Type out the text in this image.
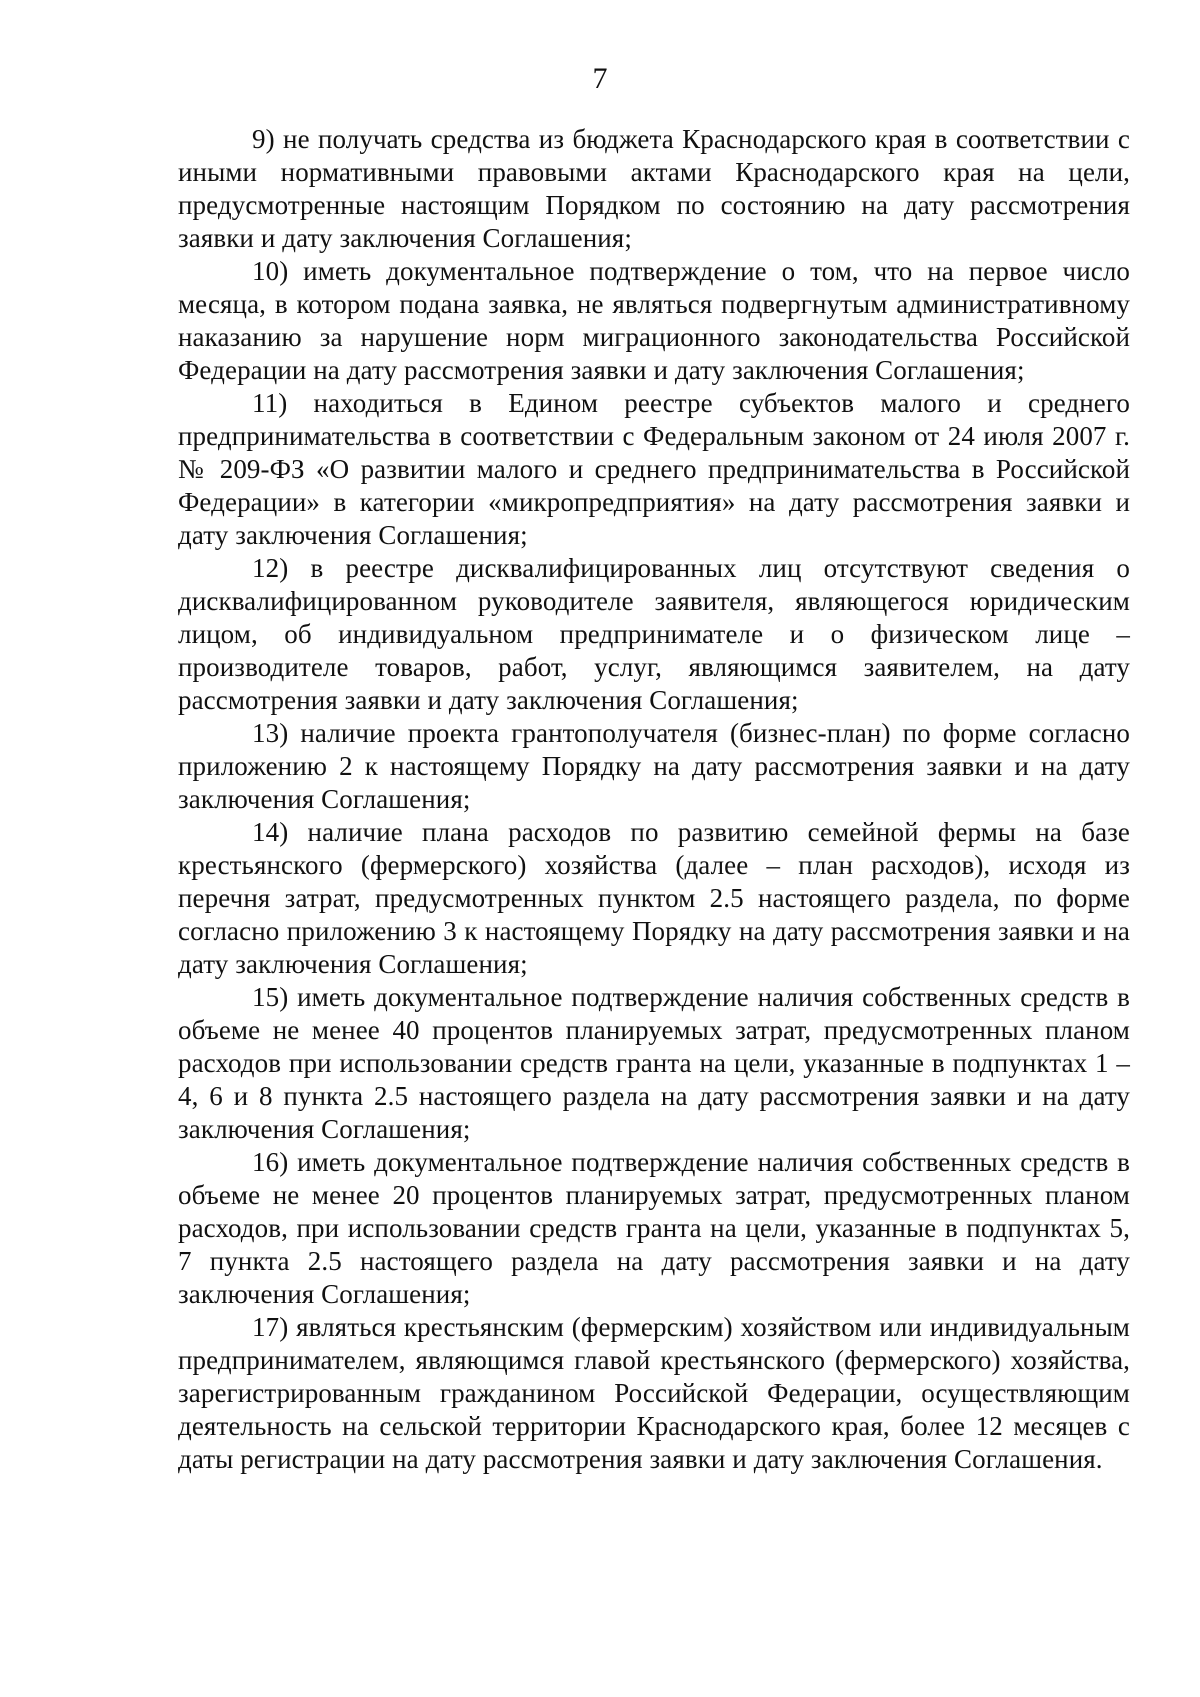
7

9) не получать средства из бюджета Краснодарского края в соответствии с иными нормативными правовыми актами Краснодарского края на цели, предусмотренные настоящим Порядком по состоянию на дату рассмотрения заявки и дату заключения Соглашения;

10) иметь документальное подтверждение о том, что на первое число месяца, в котором подана заявка, не являться подвергнутым административному наказанию за нарушение норм миграционного законодательства Российской Федерации на дату рассмотрения заявки и дату заключения Соглашения;

11) находиться в Едином реестре субъектов малого и среднего предпринимательства в соответствии с Федеральным законом от 24 июля 2007 г. № 209-ФЗ «О развитии малого и среднего предпринимательства в Российской Федерации» в категории «микропредприятия» на дату рассмотрения заявки и дату заключения Соглашения;

12) в реестре дисквалифицированных лиц отсутствуют сведения о дисквалифицированном руководителе заявителя, являющегося юридическим лицом, об индивидуальном предпринимателе и о физическом лице – производителе товаров, работ, услуг, являющимся заявителем, на дату рассмотрения заявки и дату заключения Соглашения;

13) наличие проекта грантополучателя (бизнес-план) по форме согласно приложению 2 к настоящему Порядку на дату рассмотрения заявки и на дату заключения Соглашения;

14) наличие плана расходов по развитию семейной фермы на базе крестьянского (фермерского) хозяйства (далее – план расходов), исходя из перечня затрат, предусмотренных пунктом 2.5 настоящего раздела, по форме согласно приложению 3 к настоящему Порядку на дату рассмотрения заявки и на дату заключения Соглашения;

15) иметь документальное подтверждение наличия собственных средств в объеме не менее 40 процентов планируемых затрат, предусмотренных планом расходов при использовании средств гранта на цели, указанные в подпунктах 1 – 4, 6 и 8 пункта 2.5 настоящего раздела на дату рассмотрения заявки и на дату заключения Соглашения;

16) иметь документальное подтверждение наличия собственных средств в объеме не менее 20 процентов планируемых затрат, предусмотренных планом расходов, при использовании средств гранта на цели, указанные в подпунктах 5, 7 пункта 2.5 настоящего раздела на дату рассмотрения заявки и на дату заключения Соглашения;

17) являться крестьянским (фермерским) хозяйством или индивидуальным предпринимателем, являющимся главой крестьянского (фермерского) хозяйства, зарегистрированным гражданином Российской Федерации, осуществляющим деятельность на сельской территории Краснодарского края, более 12 месяцев с даты регистрации на дату рассмотрения заявки и дату заключения Соглашения.
